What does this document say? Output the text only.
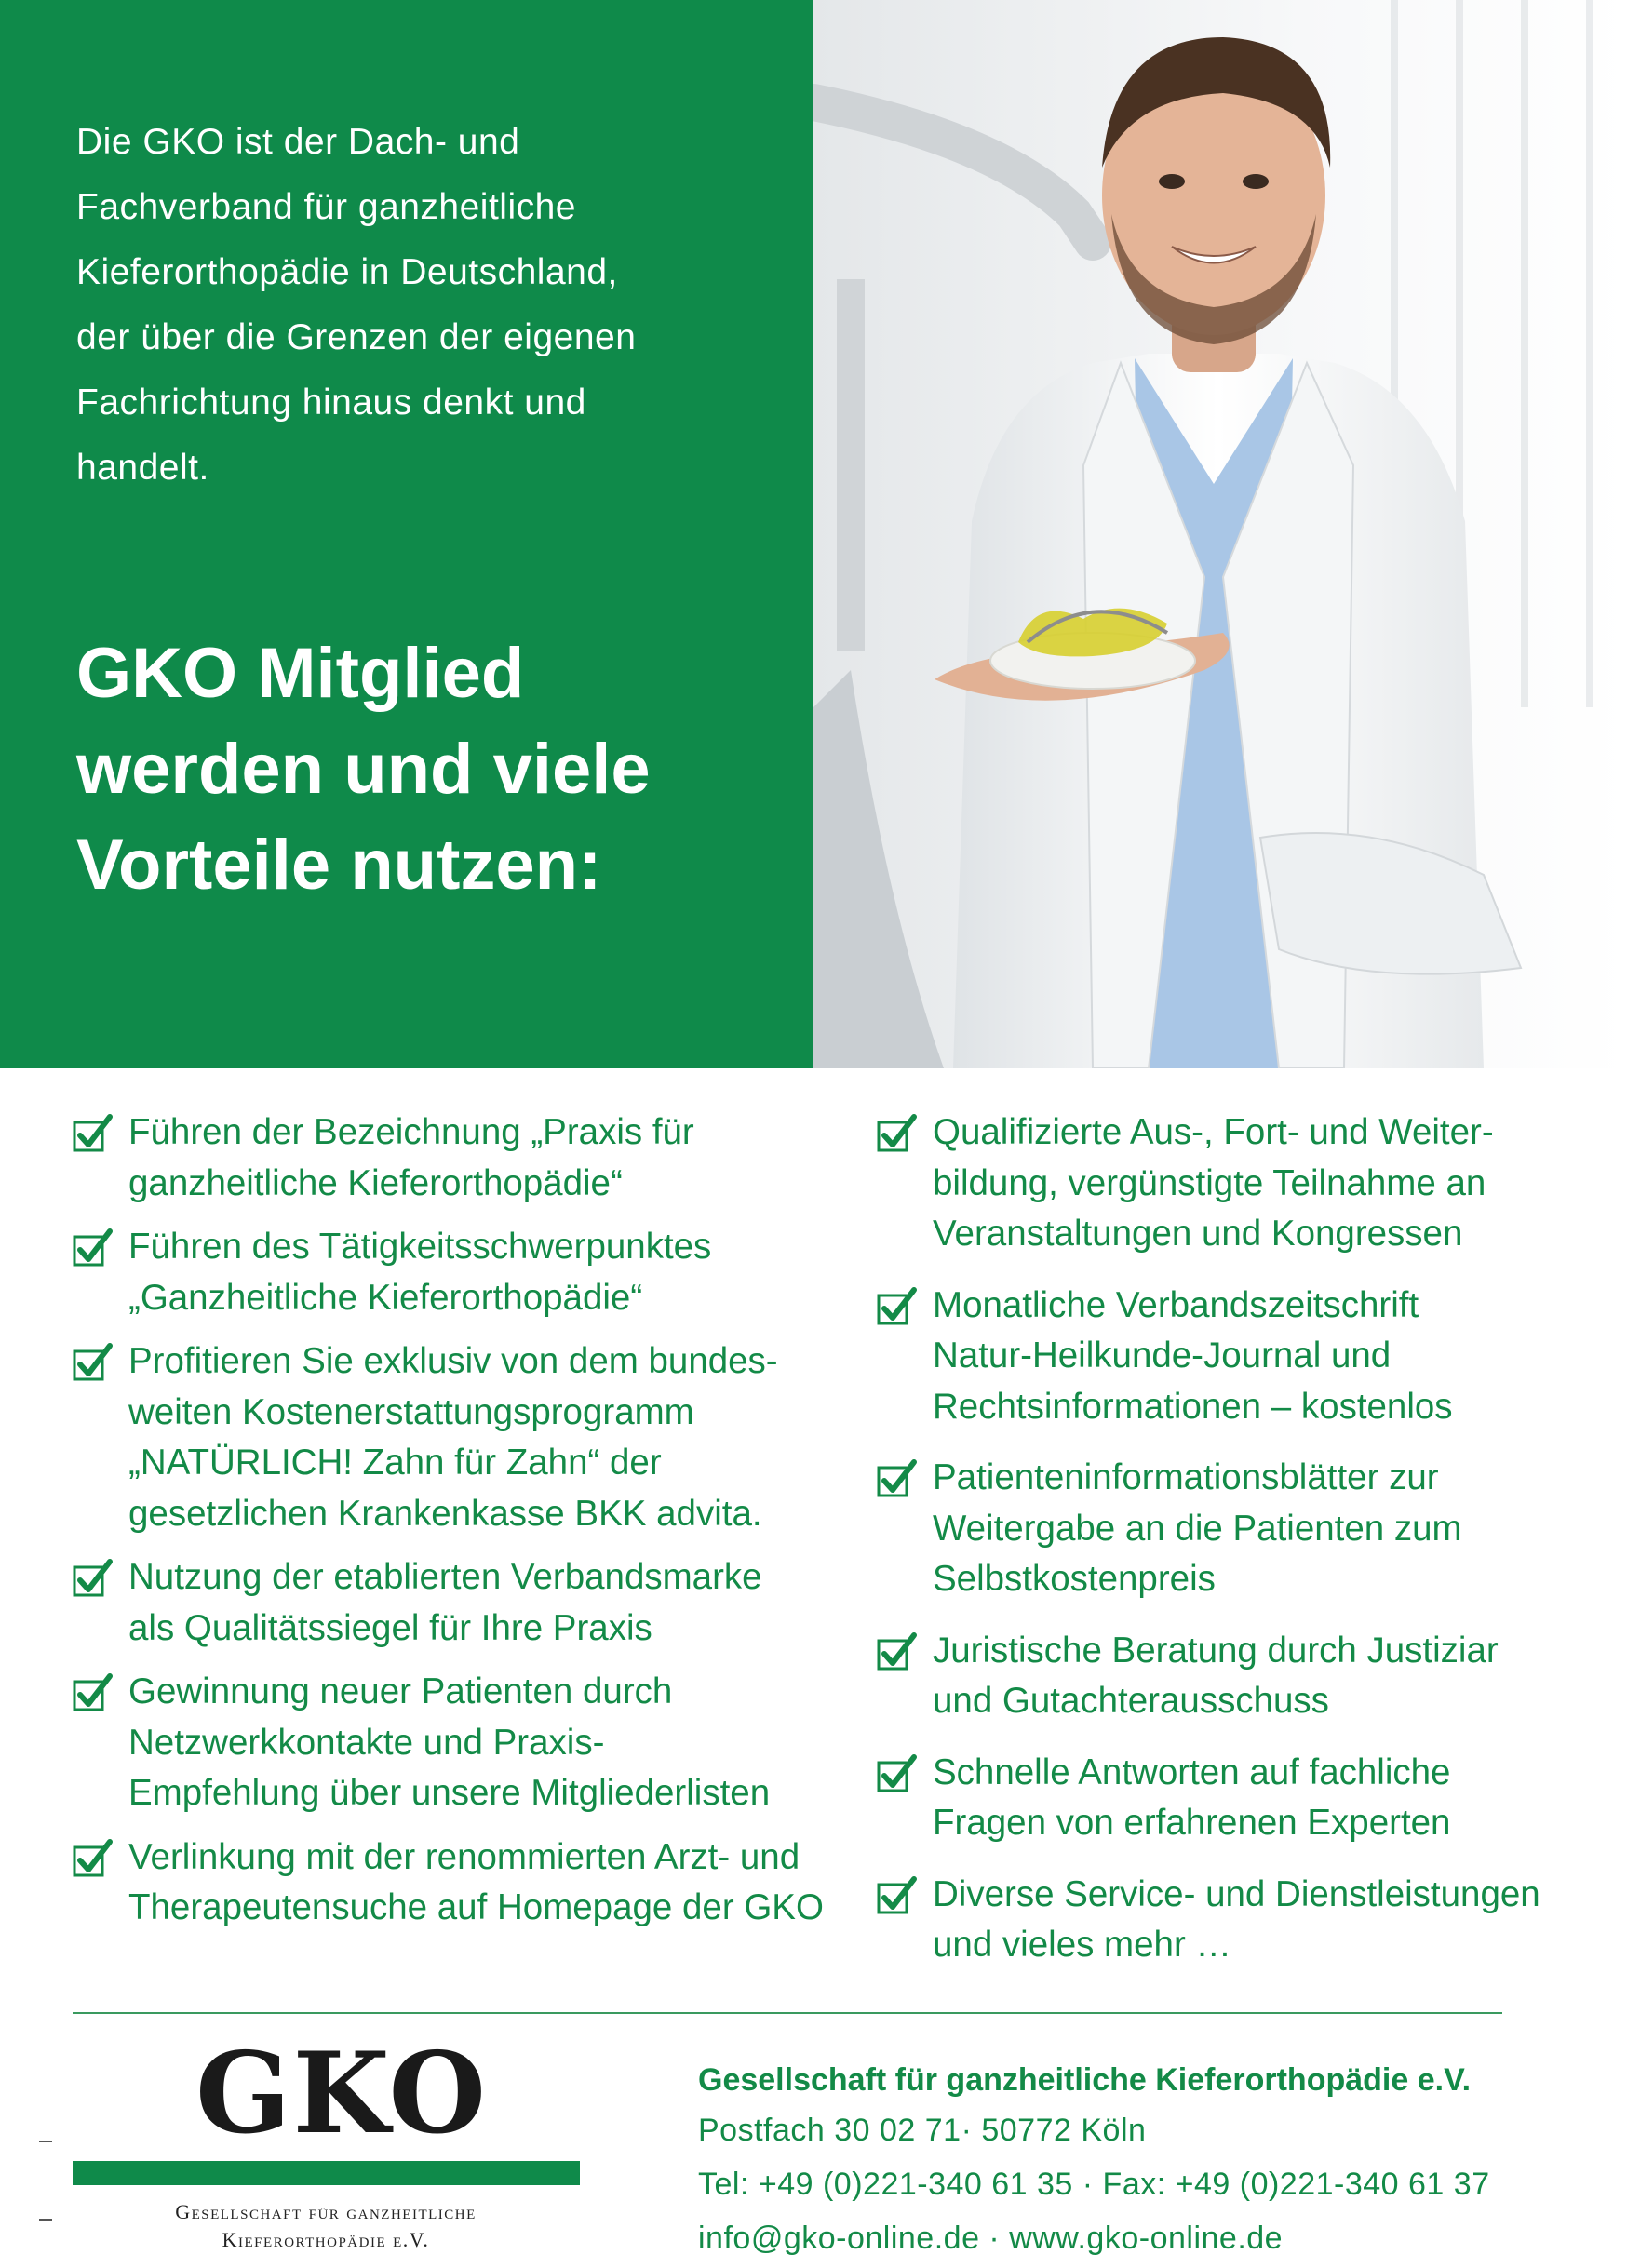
Die GKO ist der Dach- und
Fachverband für ganzheitliche
Kieferorthopädie in Deutschland,
der über die Grenzen der eigenen
Fachrichtung hinaus denkt und
handelt.

GKO Mitglied
werden und viele
Vorteile nutzen:
Führen der Bezeichnung „Praxis für
ganzheitliche Kieferorthopädie“
Führen des Tätigkeitsschwerpunktes
„Ganzheitliche Kieferorthopädie“
Profitieren Sie exklusiv von dem bundes-
weiten Kostenerstattungsprogramm
„NATÜRLICH! Zahn für Zahn“ der
gesetzlichen Krankenkasse BKK advita.
Nutzung der etablierten Verbandsmarke
als Qualitätssiegel für Ihre Praxis
Gewinnung neuer Patienten durch
Netzwerkkontakte und Praxis-
Empfehlung über unsere Mitgliederlisten
Verlinkung mit der renommierten Arzt- und
Therapeutensuche auf Homepage der GKO
Qualifizierte Aus-, Fort- und Weiter-
bildung, vergünstigte Teilnahme an
Veranstaltungen und Kongressen
Monatliche Verbandszeitschrift
Natur-Heilkunde-Journal und
Rechtsinformationen – kostenlos
Patienteninformationsblätter zur
Weitergabe an die Patienten zum
Selbstkostenpreis
Juristische Beratung durch Justiziar
und Gutachterausschuss
Schnelle Antworten auf fachliche
Fragen von erfahrenen Experten
Diverse Service- und Dienstleistungen
und vieles mehr …
GKO
Gesellschaft für ganzheitliche
Kieferorthopädie e.V.
Gesellschaft für ganzheitliche Kieferorthopädie e.V.
Postfach 30 02 71· 50772 Köln
Tel: +49 (0)221-340 61 35 · Fax: +49 (0)221-340 61 37
info@gko-online.de · www.gko-online.de
